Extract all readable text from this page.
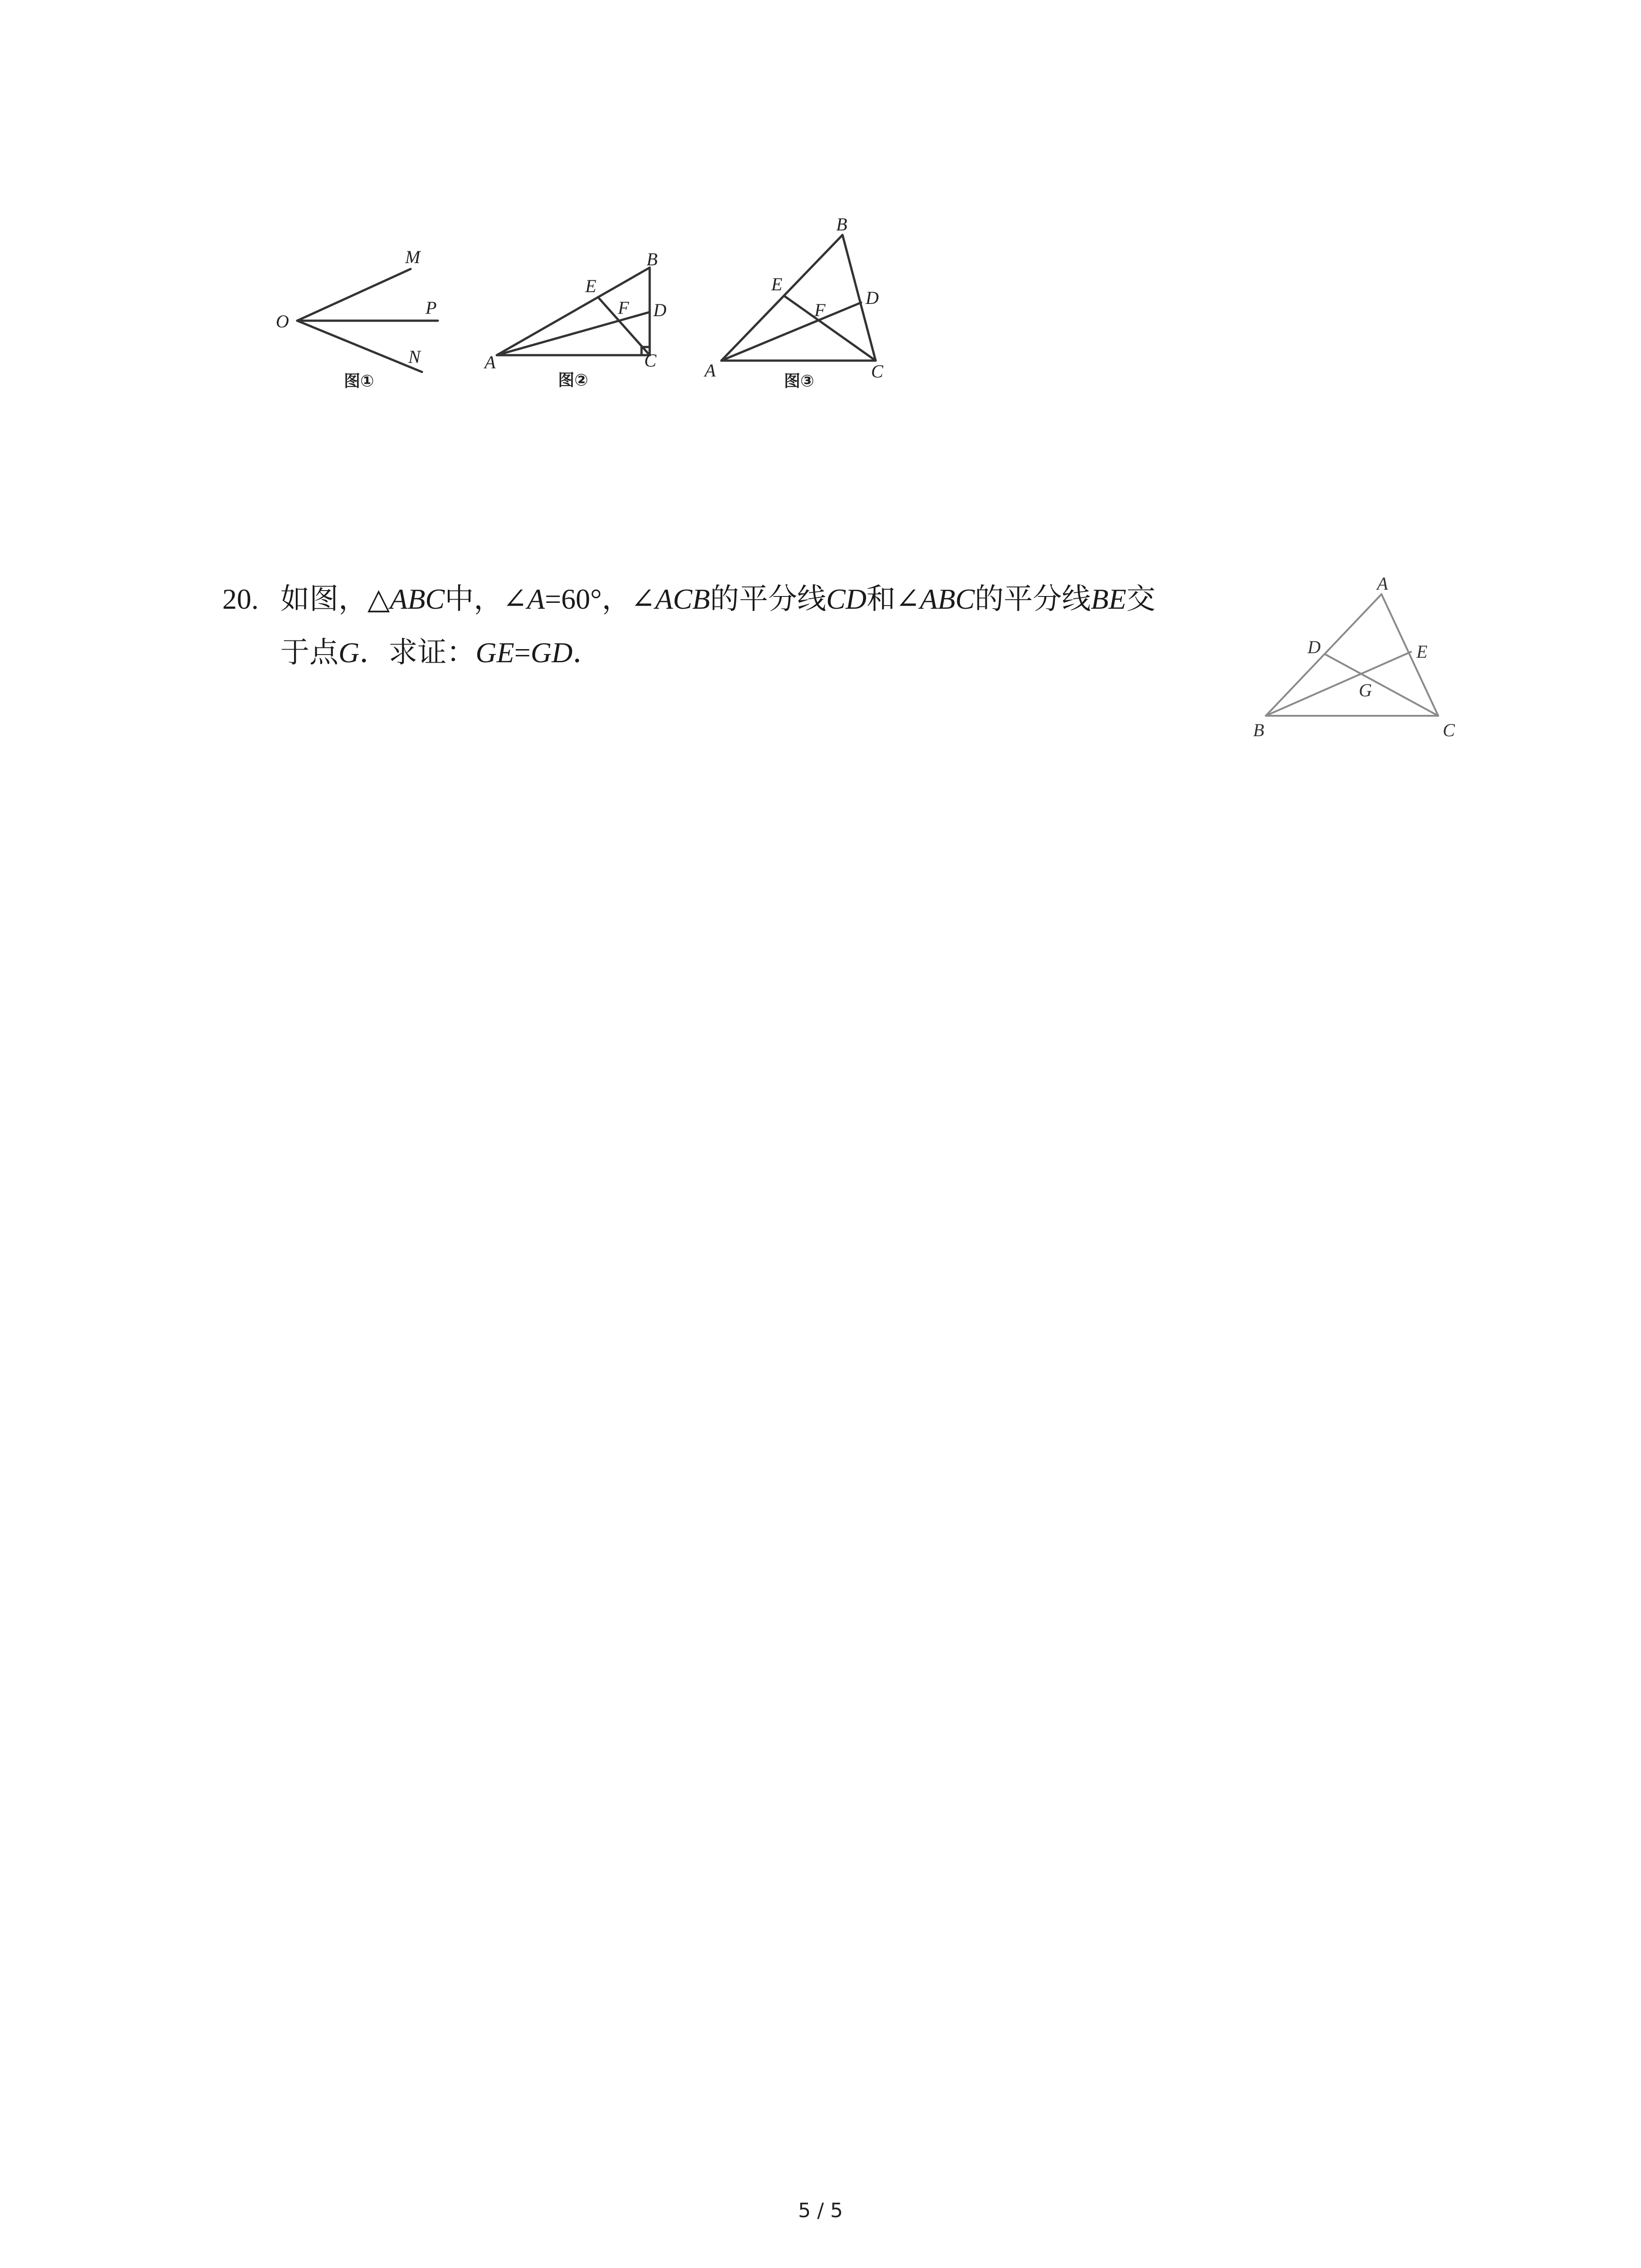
O
M
P
N
图①
A
B
C
D
E
F
图②	A
B
C
D
E
F
图③
20. 如图，△ABC中，∠A=60°，∠ACB的平分线CD和∠ABC的平分线BE交
于点G．求证：GE=GD．
A
B	C
D	E
G
5 / 5
